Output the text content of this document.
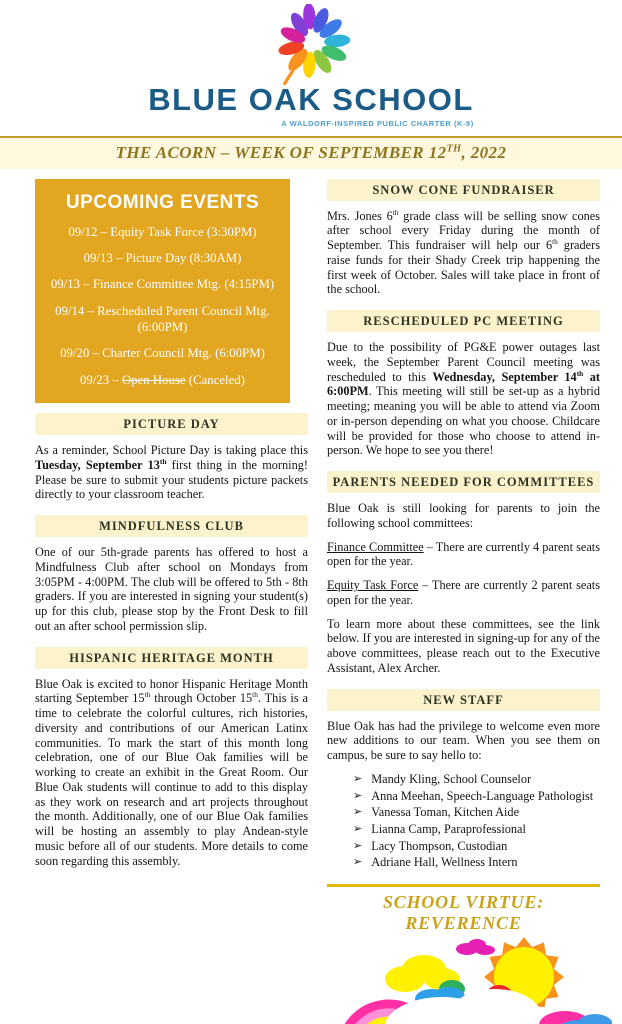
BLUE OAK SCHOOL
A WALDORF-INSPIRED PUBLIC CHARTER (K-8)
THE ACORN – WEEK OF SEPTEMBER 12TH, 2022
UPCOMING EVENTS
09/12 – Equity Task Force (3:30PM)
09/13 – Picture Day (8:30AM)
09/13 – Finance Committee Mtg. (4:15PM)
09/14 – Rescheduled Parent Council Mtg. (6:00PM)
09/20 – Charter Council Mtg. (6:00PM)
09/23 – Open House (Canceled)
PICTURE DAY

As a reminder, School Picture Day is taking place this Tuesday, September 13th first thing in the morning! Please be sure to submit your students picture packets directly to your classroom teacher.

MINDFULNESS CLUB

One of our 5th-grade parents has offered to host a Mindfulness Club after school on Mondays from 3:05PM - 4:00PM. The club will be offered to 5th - 8th graders. If you are interested in signing your student(s) up for this club, please stop by the Front Desk to fill out an after school permission slip.

HISPANIC HERITAGE MONTH

Blue Oak is excited to honor Hispanic Heritage Month starting September 15th through October 15th. This is a time to celebrate the colorful cultures, rich histories, diversity and contributions of our American Latinx communities. To mark the start of this month long celebration, one of our Blue Oak families will be working to create an exhibit in the Great Room. Our Blue Oak students will continue to add to this display as they work on research and art projects throughout the month. Additionally, one of our Blue Oak families will be hosting an assembly to play Andean-style music before all of our students. More details to come soon regarding this assembly.

SNOW CONE FUNDRAISER

Mrs. Jones 6th grade class will be selling snow cones after school every Friday during the month of September. This fundraiser will help our 6th graders raise funds for their Shady Creek trip happening the first week of October. Sales will take place in front of the school.

RESCHEDULED PC MEETING

Due to the possibility of PG&E power outages last week, the September Parent Council meeting was rescheduled to this Wednesday, September 14th at 6:00PM. This meeting will still be set-up as a hybrid meeting; meaning you will be able to attend via Zoom or in-person depending on what you choose. Childcare will be provided for those who choose to attend in-person. We hope to see you there!

PARENTS NEEDED FOR COMMITTEES

Blue Oak is still looking for parents to join the following school committees:

Finance Committee – There are currently 4 parent seats open for the year.

Equity Task Force – There are currently 2 parent seats open for the year.

To learn more about these committees, see the link below. If you are interested in signing-up for any of the above committees, please reach out to the Executive Assistant, Alex Archer.

NEW STAFF

Blue Oak has had the privilege to welcome even more new additions to our team. When you see them on campus, be sure to say hello to:

➢ Mandy Kling, School Counselor
➢ Anna Meehan, Speech-Language Pathologist
➢ Vanessa Toman, Kitchen Aide
➢ Lianna Camp, Paraprofessional
➢ Lacy Thompson, Custodian
➢ Adriane Hall, Wellness Intern
SCHOOL VIRTUE: REVERENCE
